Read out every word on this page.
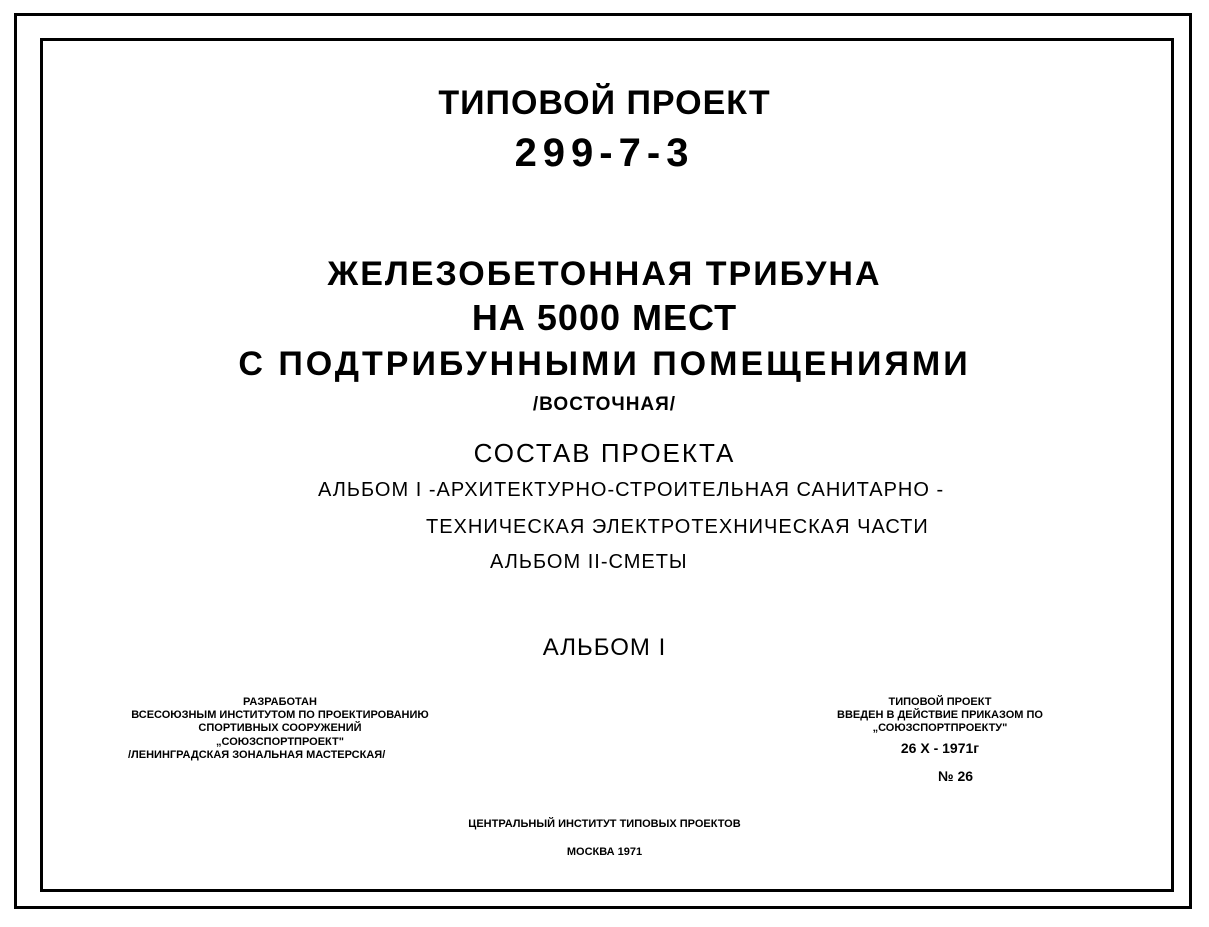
ТИПОВОЙ ПРОЕКТ
299-7-3
ЖЕЛЕЗОБЕТОННАЯ ТРИБУНА
НА 5000 МЕСТ
С ПОДТРИБУННЫМИ ПОМЕЩЕНИЯМИ
/ВОСТОЧНАЯ/
СОСТАВ ПРОЕКТА
АЛЬБОМ I -АРХИТЕКТУРНО-СТРОИТЕЛЬНАЯ САНИТАРНО -
ТЕХНИЧЕСКАЯ ЭЛЕКТРОТЕХНИЧЕСКАЯ ЧАСТИ
АЛЬБОМ II-СМЕТЫ
АЛЬБОМ I
РАЗРАБОТАН
ВСЕСОЮЗНЫМ ИНСТИТУТОМ ПО ПРОЕКТИРОВАНИЮ
СПОРТИВНЫХ СООРУЖЕНИЙ
„СОЮЗСПОРТПРОЕКТ"
/ЛЕНИНГРАДСКАЯ ЗОНАЛЬНАЯ МАСТЕРСКАЯ/
ТИПОВОЙ ПРОЕКТ
ВВЕДЕН В ДЕЙСТВИЕ ПРИКАЗОМ ПО
„СОЮЗСПОРТПРОЕКТУ"
26 X - 1971г
№ 26
ЦЕНТРАЛЬНЫЙ ИНСТИТУТ ТИПОВЫХ ПРОЕКТОВ
МОСКВА 1971
